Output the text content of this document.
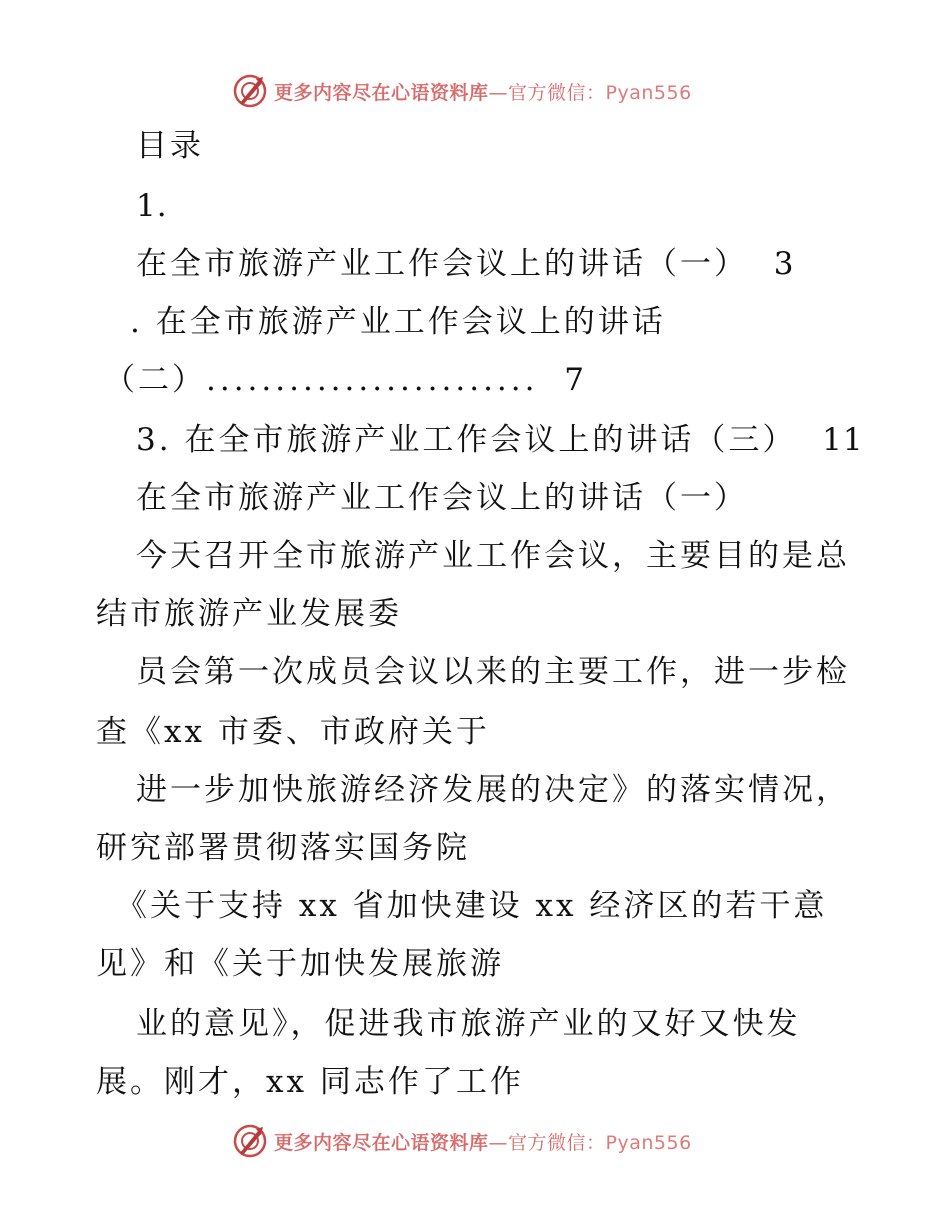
更多内容尽在心语资料库—官方微信：Pyan556
目录
1.
在全市旅游产业工作会议上的讲话（一） 3
. 在全市旅游产业工作会议上的讲话
（二）........................ 7
3. 在全市旅游产业工作会议上的讲话（三） 11
在全市旅游产业工作会议上的讲话（一）
今天召开全市旅游产业工作会议，主要目的是总
结市旅游产业发展委
员会第一次成员会议以来的主要工作，进一步检
查《xx 市委、市政府关于
进一步加快旅游经济发展的决定》的落实情况，
研究部署贯彻落实国务院
《关于支持 xx 省加快建设 xx 经济区的若干意
见》和《关于加快发展旅游
业的意见》，促进我市旅游产业的又好又快发
展。刚才，xx 同志作了工作
更多内容尽在心语资料库—官方微信：Pyan556
